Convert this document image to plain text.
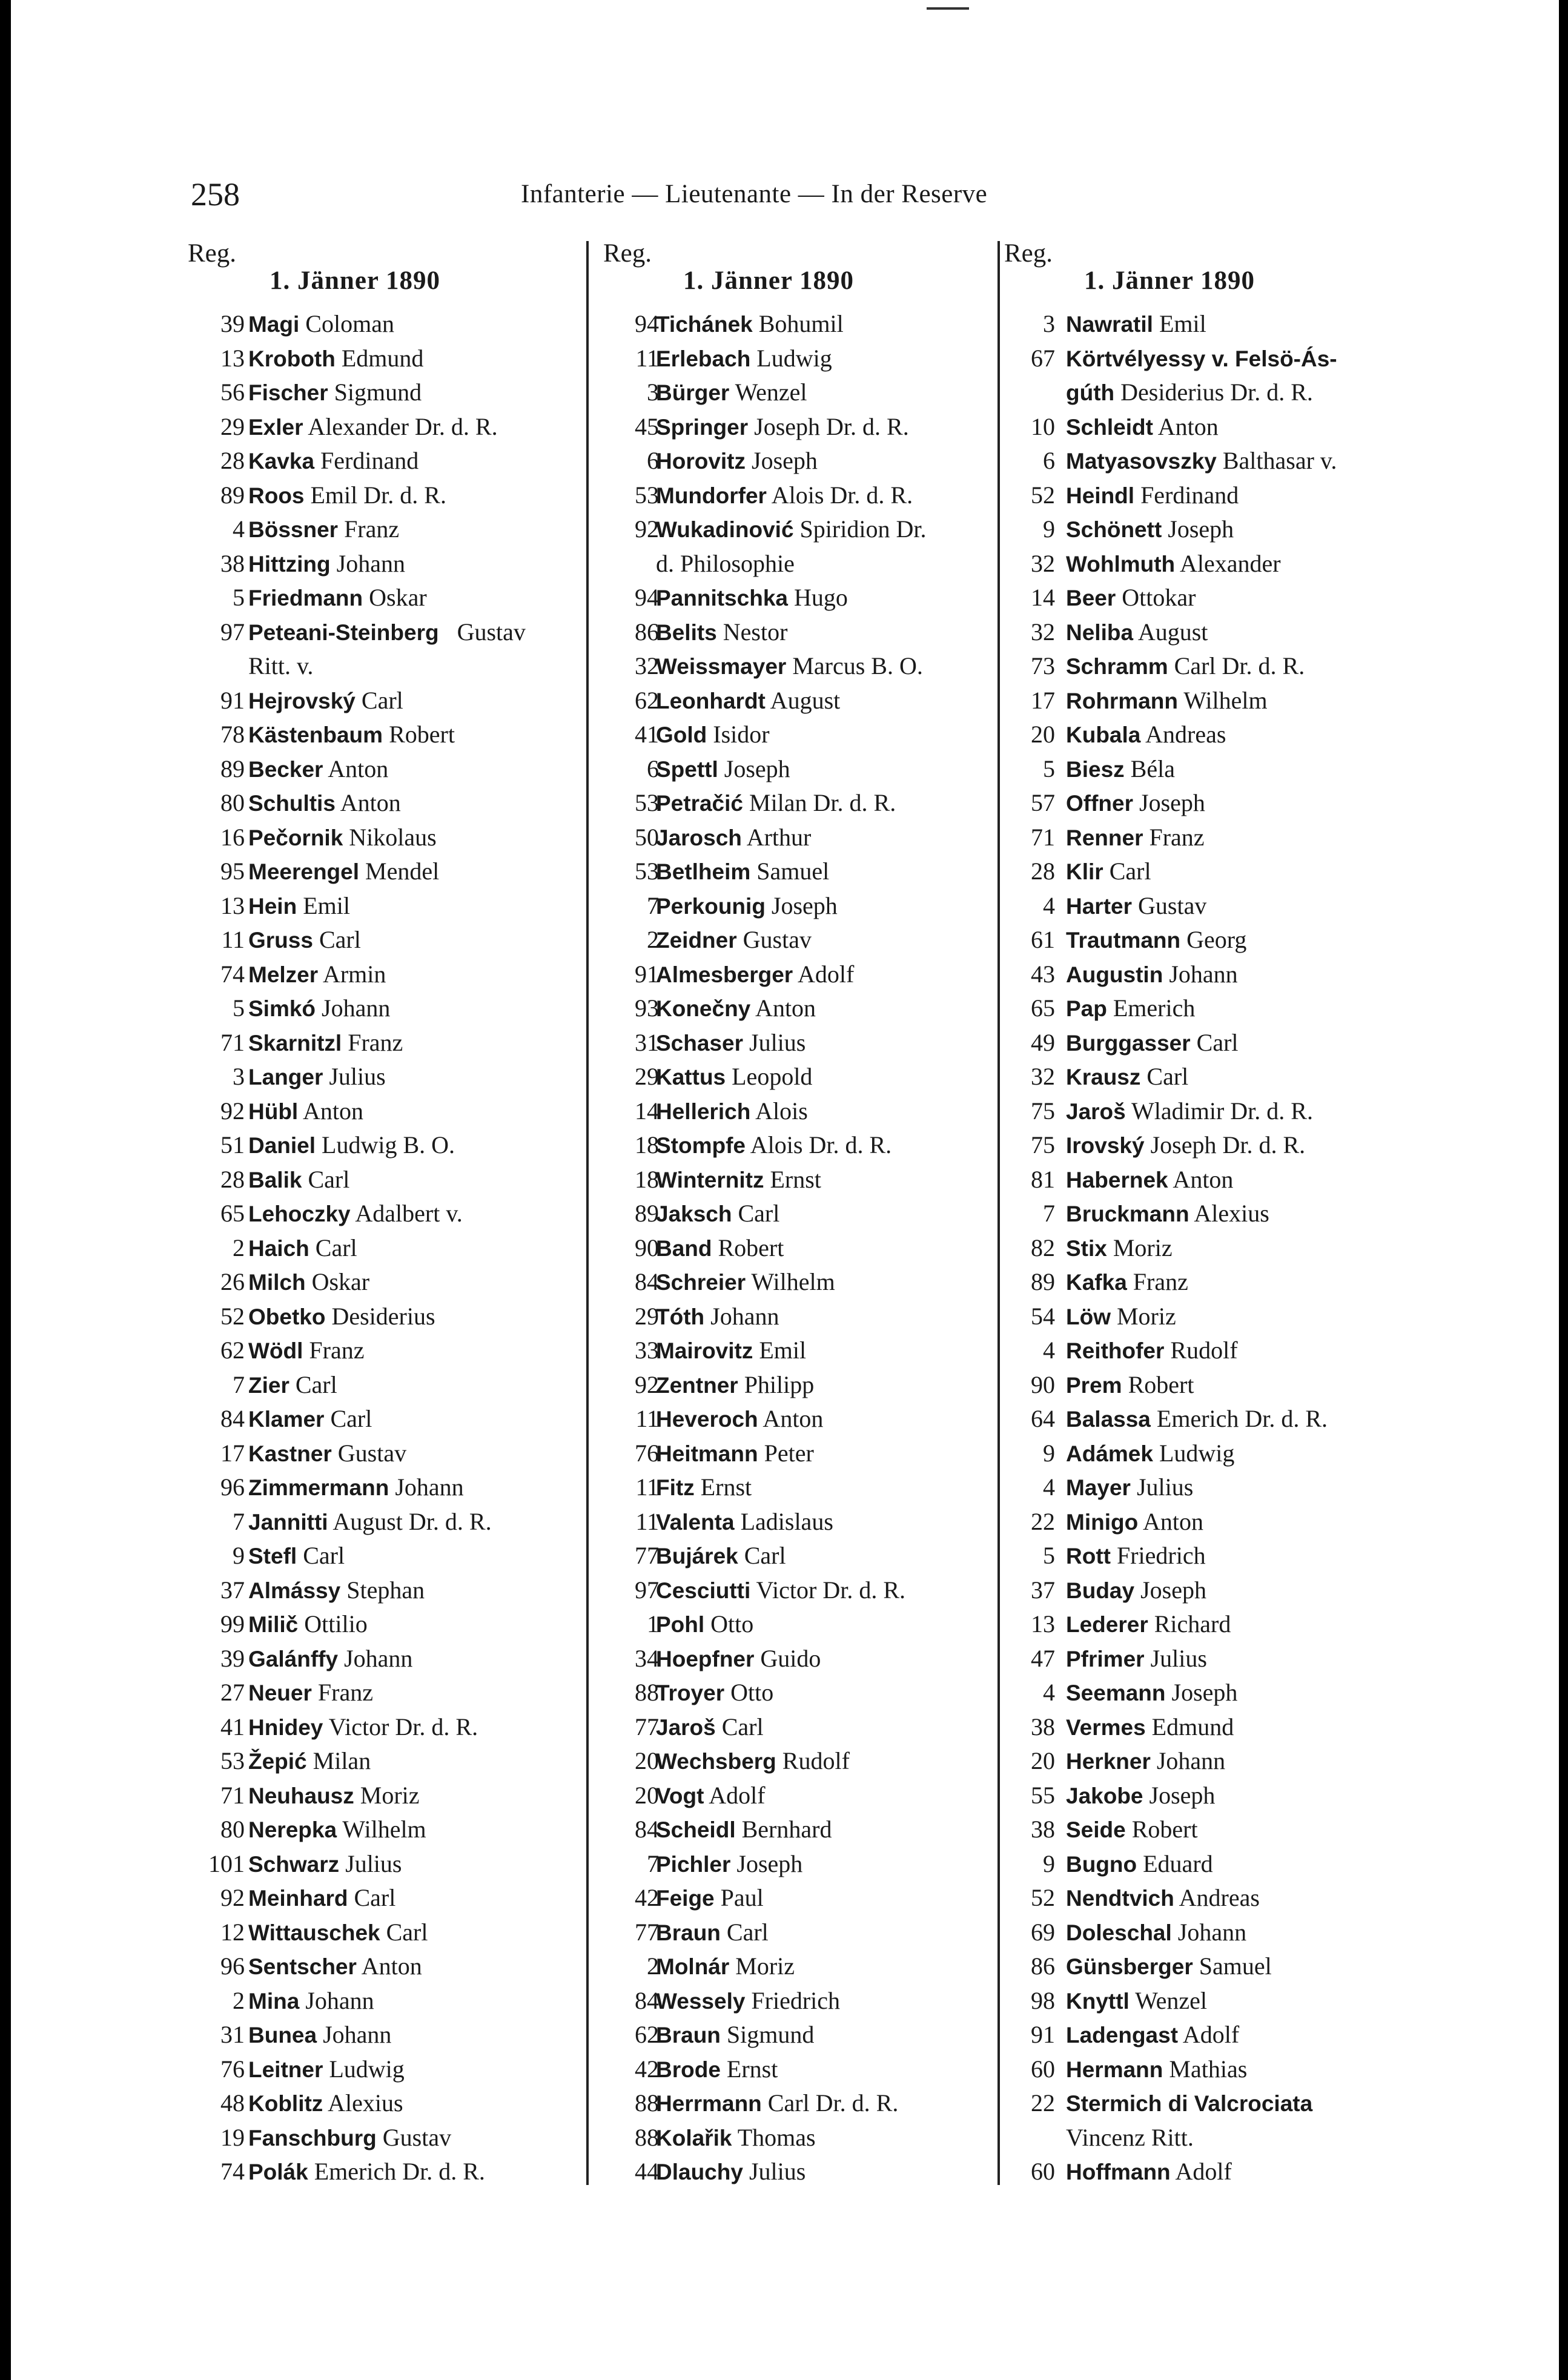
258	Infanterie — Lieutenante — In der Reserve
Reg.
1. Jänner 1890
39 Magi Coloman
13 Kroboth Edmund
56 Fischer Sigmund
29 Exler Alexander Dr. d. R.
28 Kavka Ferdinand
89 Roos Emil Dr. d. R.
4 Bössner Franz
38 Hittzing Johann
5 Friedmann Oskar
97 Peteani-Steinberg   Gustav
Ritt. v.
91 Hejrovský Carl
78 Kästenbaum Robert
89 Becker Anton
80 Schultis Anton
16 Pečornik Nikolaus
95 Meerengel Mendel
13 Hein Emil
11 Gruss Carl
74 Melzer Armin
5 Simkó Johann
71 Skarnitzl Franz
3 Langer Julius
92 Hübl Anton
51 Daniel Ludwig B. O.
28 Balik Carl
65 Lehoczky Adalbert v.
2 Haich Carl
26 Milch Oskar
52 Obetko Desiderius
62 Wödl Franz
7 Zier Carl
84 Klamer Carl
17 Kastner Gustav
96 Zimmermann Johann
7 Jannitti August Dr. d. R.
9 Stefl Carl
37 Almássy Stephan
99 Milič Ottilio
39 Galánffy Johann
27 Neuer Franz
41 Hnidey Victor Dr. d. R.
53 Žepić Milan
71 Neuhausz Moriz
80 Nerepka Wilhelm
101 Schwarz Julius
92 Meinhard Carl
12 Wittauschek Carl
96 Sentscher Anton
2 Mina Johann
31 Bunea Johann
76 Leitner Ludwig
48 Koblitz Alexius
19 Fanschburg Gustav
74 Polák Emerich Dr. d. R.
Reg.
1. Jänner 1890
94
Tichánek Bohumil
11
Erlebach Ludwig
3
Bürger Wenzel
45
Springer Joseph Dr. d. R.
6
Horovitz Joseph
53
Mundorfer Alois Dr. d. R.
92
Wukadinović Spiridion Dr.
d. Philosophie
94
Pannitschka Hugo
86
Belits Nestor
32
Weissmayer Marcus B. O.
62
Leonhardt August
41
Gold Isidor
6
Spettl Joseph
53
Petračić Milan Dr. d. R.
50
Jarosch Arthur
53
Betlheim Samuel
7
Perkounig Joseph
2
Zeidner Gustav
91
Almesberger Adolf
93
Konečny Anton
31
Schaser Julius
29
Kattus Leopold
14
Hellerich Alois
18
Stompfe Alois Dr. d. R.
18
Winternitz Ernst
89
Jaksch Carl
90
Band Robert
84
Schreier Wilhelm
29
Tóth Johann
33
Mairovitz Emil
92
Zentner Philipp
11
Heveroch Anton
76
Heitmann Peter
11
Fitz Ernst
11
Valenta Ladislaus
77
Bujárek Carl
97
Cesciutti Victor Dr. d. R.
1
Pohl Otto
34
Hoepfner Guido
88
Troyer Otto
77
Jaroš Carl
20
Wechsberg Rudolf
20
Vogt Adolf
84
Scheidl Bernhard
7
Pichler Joseph
42
Feige Paul
77
Braun Carl
2
Molnár Moriz
84
Wessely Friedrich
62
Braun Sigmund
42
Brode Ernst
88
Herrmann Carl Dr. d. R.
88
Kolařik Thomas
44
Dlauchy Julius
Reg.
1. Jänner 1890
3 Nawratil Emil
67 Körtvélyessy v. Felsö-Ás-
gúth Desiderius Dr. d. R.
10 Schleidt Anton
6 Matyasovszky Balthasar v.
52 Heindl Ferdinand
9 Schönett Joseph
32 Wohlmuth Alexander
14 Beer Ottokar
32 Neliba August
73 Schramm Carl Dr. d. R.
17 Rohrmann Wilhelm
20 Kubala Andreas
5 Biesz Béla
57 Offner Joseph
71 Renner Franz
28 Klir Carl
4 Harter Gustav
61 Trautmann Georg
43 Augustin Johann
65 Pap Emerich
49 Burggasser Carl
32 Krausz Carl
75 Jaroš Wladimir Dr. d. R.
75 Irovský Joseph Dr. d. R.
81 Habernek Anton
7 Bruckmann Alexius
82 Stix Moriz
89 Kafka Franz
54 Löw Moriz
4 Reithofer Rudolf
90 Prem Robert
64 Balassa Emerich Dr. d. R.
9 Adámek Ludwig
4 Mayer Julius
22 Minigo Anton
5 Rott Friedrich
37 Buday Joseph
13 Lederer Richard
47 Pfrimer Julius
4 Seemann Joseph
38 Vermes Edmund
20 Herkner Johann
55 Jakobe Joseph
38 Seide Robert
9 Bugno Eduard
52 Nendtvich Andreas
69 Doleschal Johann
86 Günsberger Samuel
98 Knyttl Wenzel
91 Ladengast Adolf
60 Hermann Mathias
22 Stermich di Valcrociata
Vincenz Ritt.
60 Hoffmann Adolf
